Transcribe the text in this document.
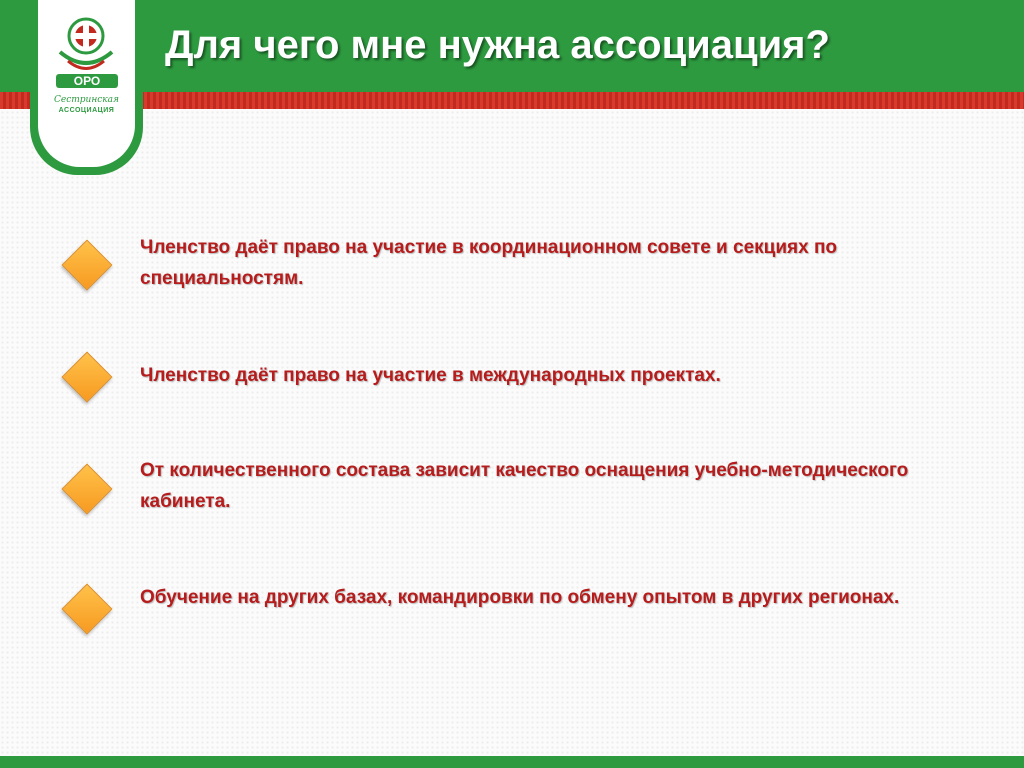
Для чего мне нужна ассоциация?
ОРО
Сестринская
АССОЦИАЦИЯ
Членство даёт право на участие в координационном совете и секциях по специальностям.
Членство даёт право на участие в международных проектах.
От количественного состава зависит качество оснащения учебно-методического кабинета.
Обучение на других базах, командировки по обмену опытом в других регионах.
